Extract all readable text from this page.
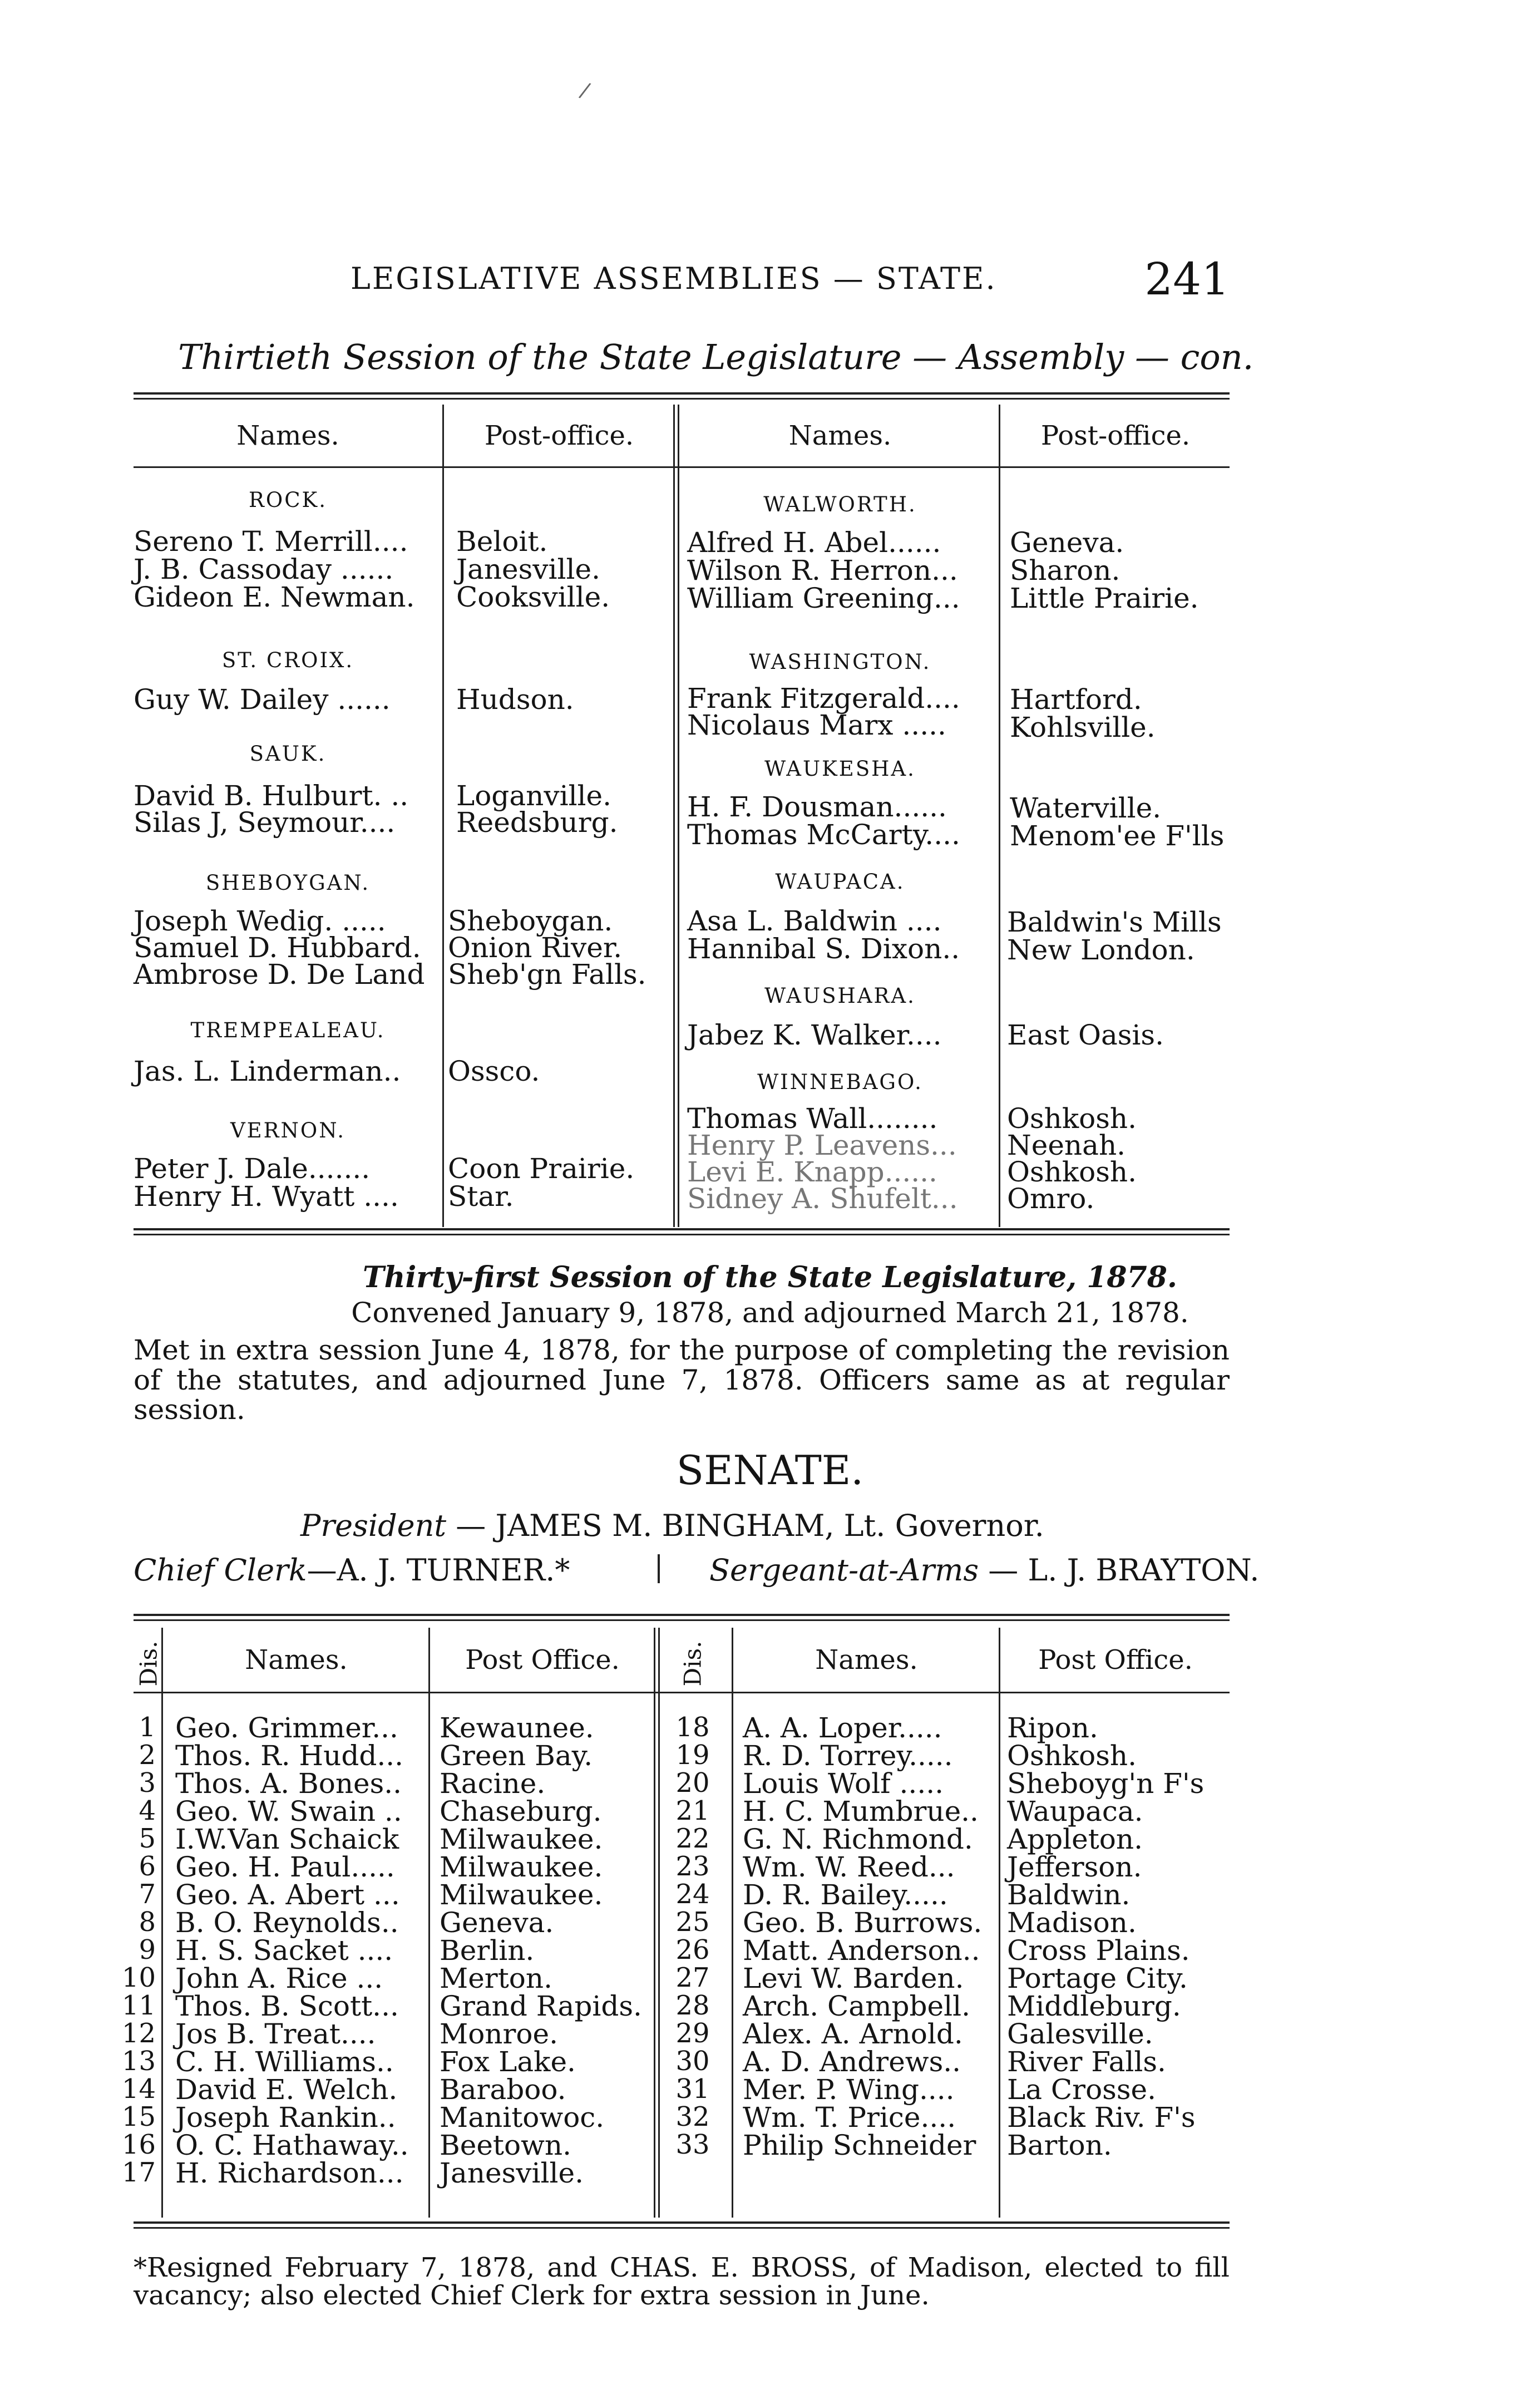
/
LEGISLATIVE ASSEMBLIES — STATE.	241
Thirtieth Session of the State Legislature — Assembly — con.
Names.	Post-office.	Names.	Post-office.
ROCK.
Sereno T. Merrill.... Beloit.
J. B. Cassoday ...... Janesville.
Gideon E. Newman. Cooksville.
ST. CROIX.
Guy W. Dailey ...... Hudson.
SAUK.
David B. Hulburt. .. Loganville.
Silas J, Seymour.... Reedsburg.
SHEBOYGAN.
Joseph Wedig. ..... Sheboygan.
Samuel D. Hubbard. Onion River.
Ambrose D. De Land Sheb'gn Falls.
TREMPEALEAU.
Jas. L. Linderman.. Ossco.
VERNON.
Peter J. Dale.......	Coon Prairie.
Henry H. Wyatt .... Star.
WALWORTH.
Alfred H. Abel...... Geneva.
Wilson R. Herron... Sharon.
William Greening... Little Prairie.
WASHINGTON.
Frank Fitzgerald.... Hartford.
Nicolaus Marx ..... Kohlsville.
WAUKESHA.
H. F. Dousman...... Waterville.
Thomas McCarty.... Menom'ee F'lls
WAUPACA.
Asa L. Baldwin .... Baldwin's Mills
Hannibal S. Dixon.. New London.
WAUSHARA.
Jabez K. Walker.... East Oasis.
WINNEBAGO.
Thomas Wall........ Oshkosh.
Henry P. Leavens... Neenah.
Levi E. Knapp......	Oshkosh.
Sidney A. Shufelt... Omro.
Thirty-first Session of the State Legislature, 1878.
Convened January 9, 1878, and adjourned March 21, 1878.
Met in extra session June 4, 1878, for the purpose of completing the revision of the statutes, and adjourned June 7, 1878. Officers same as at regular session.
SENATE.
President — JAMES M. BINGHAM, Lt. Governor.
Chief Clerk—A. J. TURNER.*	Sergeant-at-Arms — L. J. BRAYTON.
Dis.	Names.	Post Office.	Dis.	Names.	Post Office.
1 Geo. Grimmer... Kewaunee.
2 Thos. R. Hudd... Green Bay.
3 Thos. A. Bones.. Racine.
4 Geo. W. Swain .. Chaseburg.
5 I.W.Van Schaick Milwaukee.
6 Geo. H. Paul..... Milwaukee.
7 Geo. A. Abert ... Milwaukee.
8 B. O. Reynolds.. Geneva.
9 H. S. Sacket .... Berlin.
10 John A. Rice ... Merton.
11 Thos. B. Scott... Grand Rapids.
12 Jos B. Treat.... Monroe.
13 C. H. Williams.. Fox Lake.
14 David E. Welch. Baraboo.
15 Joseph Rankin.. Manitowoc.
16 O. C. Hathaway.. Beetown.
17 H. Richardson... Janesville.
18 A. A. Loper..... Ripon.
19 R. D. Torrey..... Oshkosh.
20 Louis Wolf ..... Sheboyg'n F's
21 H. C. Mumbrue.. Waupaca.
22 G. N. Richmond. Appleton.
23 Wm. W. Reed... Jefferson.
24 D. R. Bailey..... Baldwin.
25 Geo. B. Burrows. Madison.
26 Matt. Anderson.. Cross Plains.
27 Levi W. Barden. Portage City.
28 Arch. Campbell. Middleburg.
29 Alex. A. Arnold. Galesville.
30 A. D. Andrews.. River Falls.
31 Mer. P. Wing.... La Crosse.
32 Wm. T. Price.... Black Riv. F's
33 Philip Schneider Barton.
*Resigned February 7, 1878, and CHAS. E. BROSS, of Madison, elected to fill vacancy; also elected Chief Clerk for extra session in June.
